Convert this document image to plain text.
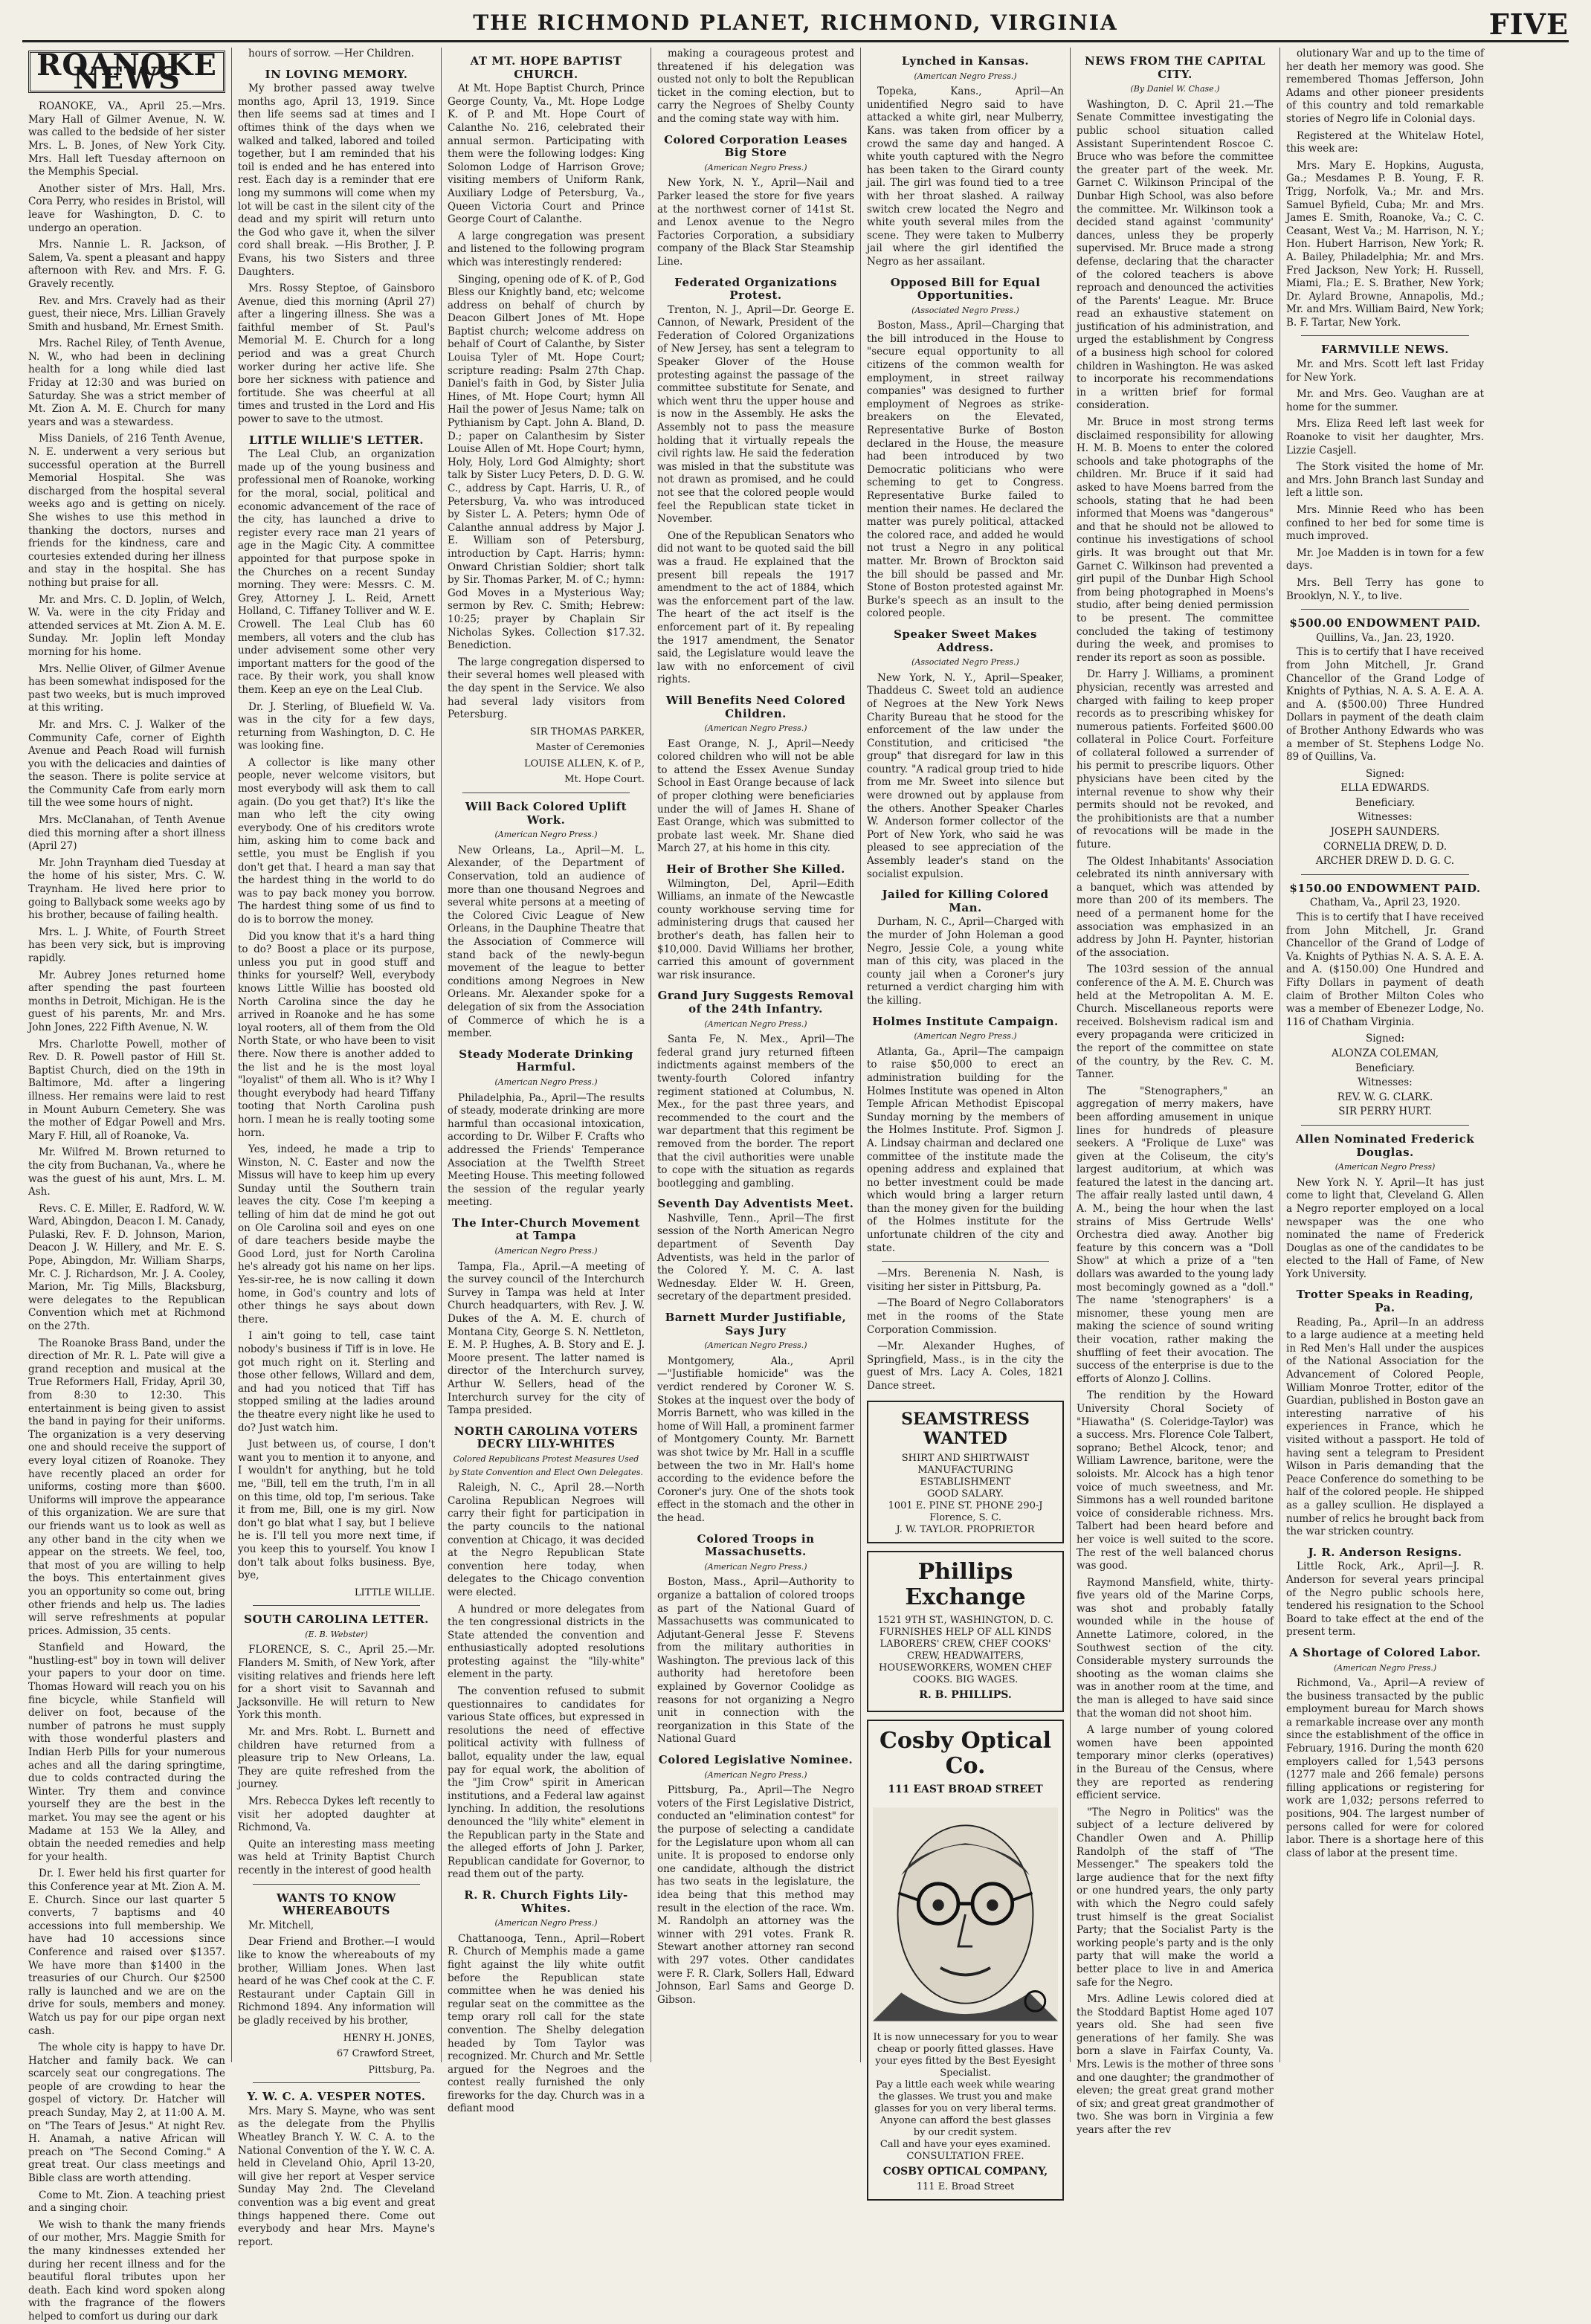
THE RICHMOND PLANET, RICHMOND, VIRGINIA	FIVE
ROANOKE NEWS

ROANOKE, VA., April 25.—Mrs. Mary Hall of Gilmer Avenue, N. W. was called to the bedside of her sister Mrs. L. B. Jones, of New York City. Mrs. Hall left Tuesday afternoon on the Memphis Special.

Another sister of Mrs. Hall, Mrs. Cora Perry, who resides in Bristol, will leave for Washington, D. C. to undergo an operation.

Mrs. Nannie L. R. Jackson, of Salem, Va. spent a pleasant and happy afternoon with Rev. and Mrs. F. G. Gravely recently.

Rev. and Mrs. Cravely had as their guest, their niece, Mrs. Lillian Gravely Smith and husband, Mr. Ernest Smith.

Mrs. Rachel Riley, of Tenth Avenue, N. W., who had been in declining health for a long while died last Friday at 12:30 and was buried on Saturday. She was a strict member of Mt. Zion A. M. E. Church for many years and was a stewardess.

Miss Daniels, of 216 Tenth Avenue, N. E. underwent a very serious but successful operation at the Burrell Memorial Hospital. She was discharged from the hospital several weeks ago and is getting on nicely. She wishes to use this method in thanking the doctors, nurses and friends for the kindness, care and courtesies extended during her illness and stay in the hospital. She has nothing but praise for all.

Mr. and Mrs. C. D. Joplin, of Welch, W. Va. were in the city Friday and attended services at Mt. Zion A. M. E. Sunday. Mr. Joplin left Monday morning for his home.

Mrs. Nellie Oliver, of Gilmer Avenue has been somewhat indisposed for the past two weeks, but is much improved at this writing.

Mr. and Mrs. C. J. Walker of the Community Cafe, corner of Eighth Avenue and Peach Road will furnish you with the delicacies and dainties of the season. There is polite service at the Community Cafe from early morn till the wee some hours of night.

Mrs. McClanahan, of Tenth Avenue died this morning after a short illness (April 27)

Mr. John Traynham died Tuesday at the home of his sister, Mrs. C. W. Traynham. He lived here prior to going to Ballyback some weeks ago by his brother, because of failing health.

Mrs. L. J. White, of Fourth Street has been very sick, but is improving rapidly.

Mr. Aubrey Jones returned home after spending the past fourteen months in Detroit, Michigan. He is the guest of his parents, Mr. and Mrs. John Jones, 222 Fifth Avenue, N. W.

Mrs. Charlotte Powell, mother of Rev. D. R. Powell pastor of Hill St. Baptist Church, died on the 19th in Baltimore, Md. after a lingering illness. Her remains were laid to rest in Mount Auburn Cemetery. She was the mother of Edgar Powell and Mrs. Mary F. Hill, all of Roanoke, Va.

Mr. Wilfred M. Brown returned to the city from Buchanan, Va., where he was the guest of his aunt, Mrs. L. M. Ash.

Revs. C. E. Miller, E. Radford, W. W. Ward, Abingdon, Deacon I. M. Canady, Pulaski, Rev. F. D. Johnson, Marion, Deacon J. W. Hillery, and Mr. E. S. Pope, Abingdon, Mr. William Sharps, Mr. C. J. Richardson, Mr. J. A. Cooley, Marion, Mr. Tig Mills, Blacksburg, were delegates to the Republican Convention which met at Richmond on the 27th.

The Roanoke Brass Band, under the direction of Mr. R. L. Pate will give a grand reception and musical at the True Reformers Hall, Friday, April 30, from 8:30 to 12:30. This entertainment is being given to assist the band in paying for their uniforms. The organization is a very deserving one and should receive the support of every loyal citizen of Roanoke. They have recently placed an order for uniforms, costing more than $600. Uniforms will improve the appearance of this organization. We are sure that our friends want us to look as well as any other band in the city when we appear on the streets. We feel, too, that most of you are willing to help the boys. This entertainment gives you an opportunity so come out, bring other friends and help us. The ladies will serve refreshments at popular prices. Admission, 35 cents.

Stanfield and Howard, the "hustling-est" boy in town will deliver your papers to your door on time. Thomas Howard will reach you on his fine bicycle, while Stanfield will deliver on foot, because of the number of patrons he must supply with those wonderful plasters and Indian Herb Pills for your numerous aches and all the daring springtime, due to colds contracted during the Winter. Try them and convince yourself they are the best in the market. You may see the agent or his Madame at 153 We la Alley, and obtain the needed remedies and help for your health.

Dr. I. Ewer held his first quarter for this Conference year at Mt. Zion A. M. E. Church. Since our last quarter 5 converts, 7 baptisms and 40 accessions into full membership. We have had 10 accessions since Conference and raised over $1357. We have more than $1400 in the treasuries of our Church. Our $2500 rally is launched and we are on the drive for souls, members and money. Watch us pay for our pipe organ next cash.

The whole city is happy to have Dr. Hatcher and family back. We can scarcely seat our congregations. The people of are crowding to hear the gospel of victory. Dr. Hatcher will preach Sunday, May 2, at 11:00 A. M. on "The Tears of Jesus." At night Rev. H. Anamah, a native African will preach on "The Second Coming." A great treat. Our class meetings and Bible class are worth attending.

Come to Mt. Zion. A teaching priest and a singing choir.

We wish to thank the many friends of our mother, Mrs. Maggie Smith for the many kindnesses extended her during her recent illness and for the beautiful floral tributes upon her death. Each kind word spoken along with the fragrance of the flowers helped to comfort us during our dark

hours of sorrow. —Her Children.

IN LOVING MEMORY.

My brother passed away twelve months ago, April 13, 1919. Since then life seems sad at times and I oftimes think of the days when we walked and talked, labored and toiled together, but I am reminded that his toil is ended and he has entered into rest. Each day is a reminder that ere long my summons will come when my lot will be cast in the silent city of the dead and my spirit will return unto the God who gave it, when the silver cord shall break. —His Brother, J. P. Evans, his two Sisters and three Daughters.

Mrs. Rossy Steptoe, of Gainsboro Avenue, died this morning (April 27) after a lingering illness. She was a faithful member of St. Paul's Memorial M. E. Church for a long period and was a great Church worker during her active life. She bore her sickness with patience and fortitude. She was cheerful at all times and trusted in the Lord and His power to save to the utmost.

LITTLE WILLIE'S LETTER.

The Leal Club, an organization made up of the young business and professional men of Roanoke, working for the moral, social, political and economic advancement of the race of the city, has launched a drive to register every race man 21 years of age in the Magic City. A committee appointed for that purpose spoke in the Churches on a recent Sunday morning. They were: Messrs. C. M. Grey, Attorney J. L. Reid, Arnett Holland, C. Tiffaney Tolliver and W. E. Crowell. The Leal Club has 60 members, all voters and the club has under advisement some other very important matters for the good of the race. By their work, you shall know them. Keep an eye on the Leal Club.

Dr. J. Sterling, of Bluefield W. Va. was in the city for a few days, returning from Washington, D. C. He was looking fine.

A collector is like many other people, never welcome visitors, but most everybody will ask them to call again. (Do you get that?) It's like the man who left the city owing everybody. One of his creditors wrote him, asking him to come back and settle, you must be English if you don't get that. I heard a man say that the hardest thing in the world to do was to pay back money you borrow. The hardest thing some of us find to do is to borrow the money.

Did you know that it's a hard thing to do? Boost a place or its purpose, unless you put in good stuff and thinks for yourself? Well, everybody knows Little Willie has boosted old North Carolina since the day he arrived in Roanoke and he has some loyal rooters, all of them from the Old North State, or who have been to visit there. Now there is another added to the list and he is the most loyal "loyalist" of them all. Who is it? Why I thought everybody had heard Tiffany tooting that North Carolina push horn. I mean he is really tooting some horn.

Yes, indeed, he made a trip to Winston, N. C. Easter and now the Missus will have to keep him up every Sunday until the Southern train leaves the city. Cose I'm keeping a telling of him dat de mind he got out on Ole Carolina soil and eyes on one of dare teachers beside maybe the Good Lord, just for North Carolina he's already got his name on her lips. Yes-sir-ree, he is now calling it down home, in God's country and lots of other things he says about down there.

I ain't going to tell, case taint nobody's business if Tiff is in love. He got much right on it. Sterling and those other fellows, Willard and dem, and had you noticed that Tiff has stopped smiling at the ladies around the theatre every night like he used to do? Just watch him.

Just between us, of course, I don't want you to mention it to anyone, and I wouldn't for anything, but he told me, "Bill, tell em the truth, I'm in all on this time, old top, I'm serious. Take it from me, Bill, one is my girl. Now don't go blat what I say, but I believe he is. I'll tell you more next time, if you keep this to yourself. You know I don't talk about folks business. Bye, bye,

LITTLE WILLIE.
SOUTH CAROLINA LETTER.
(E. B. Webster)

FLORENCE, S. C., April 25.—Mr. Flanders M. Smith, of New York, after visiting relatives and friends here left for a short visit to Savannah and Jacksonville. He will return to New York this month.

Mr. and Mrs. Robt. L. Burnett and children have returned from a pleasure trip to New Orleans, La. They are quite refreshed from the journey.

Mrs. Rebecca Dykes left recently to visit her adopted daughter at Richmond, Va.

Quite an interesting mass meeting was held at Trinity Baptist Church recently in the interest of good health

WANTS TO KNOW WHEREABOUTS

Mr. Mitchell,

Dear Friend and Brother.—I would like to know the whereabouts of my brother, William Jones. When last heard of he was Chef cook at the C. F. Restaurant under Captain Gill in Richmond 1894. Any information will be gladly received by his brother,

HENRY H. JONES,
67 Crawford Street,
Pittsburg, Pa.
Y. W. C. A. VESPER NOTES.

Mrs. Mary S. Mayne, who was sent as the delegate from the Phyllis Wheatley Branch Y. W. C. A. to the National Convention of the Y. W. C. A. held in Cleveland Ohio, April 13-20, will give her report at Vesper service Sunday May 2nd. The Cleveland convention was a big event and great things happened there. Come out everybody and hear Mrs. Mayne's report.

AT MT. HOPE BAPTIST CHURCH.

At Mt. Hope Baptist Church, Prince George County, Va., Mt. Hope Lodge K. of P. and Mt. Hope Court of Calanthe No. 216, celebrated their annual sermon. Participating with them were the following lodges: King Solomon Lodge of Harrison Grove; visiting members of Uniform Rank, Auxiliary Lodge of Petersburg, Va., Queen Victoria Court and Prince George Court of Calanthe.

A large congregation was present and listened to the following program which was interestingly rendered:

Singing, opening ode of K. of P., God Bless our Knightly band, etc; welcome address on behalf of church by Deacon Gilbert Jones of Mt. Hope Baptist church; welcome address on behalf of Court of Calanthe, by Sister Louisa Tyler of Mt. Hope Court; scripture reading: Psalm 27th Chap. Daniel's faith in God, by Sister Julia Hines, of Mt. Hope Court; hymn All Hail the power of Jesus Name; talk on Pythianism by Capt. John A. Bland, D. D.; paper on Calanthesim by Sister Louise Allen of Mt. Hope Court; hymn, Holy, Holy, Lord God Almighty; short talk by Sister Lucy Peters, D. D. G. W. C., address by Capt. Harris, U. R., of Petersburg, Va. who was introduced by Sister L. A. Peters; hymn Ode of Calanthe annual address by Major J. E. William son of Petersburg, introduction by Capt. Harris; hymn: Onward Christian Soldier; short talk by Sir. Thomas Parker, M. of C.; hymn: God Moves in a Mysterious Way; sermon by Rev. C. Smith; Hebrew: 10:25; prayer by Chaplain Sir Nicholas Sykes. Collection $17.32. Benediction.

The large congregation dispersed to their several homes well pleased with the day spent in the Service. We also had several lady visitors from Petersburg.

SIR THOMAS PARKER,
Master of Ceremonies
LOUISE ALLEN, K. of P.,
Mt. Hope Court.
Will Back Colored Uplift Work.
(American Negro Press.)

New Orleans, La., April—M. L. Alexander, of the Department of Conservation, told an audience of more than one thousand Negroes and several white persons at a meeting of the Colored Civic League of New Orleans, in the Dauphine Theatre that the Association of Commerce will stand back of the newly-begun movement of the league to better conditions among Negroes in New Orleans. Mr. Alexander spoke for a delegation of six from the Association of Commerce of which he is a member.

Steady Moderate Drinking Harmful.
(American Negro Press.)

Philadelphia, Pa., April—The results of steady, moderate drinking are more harmful than occasional intoxication, according to Dr. Wilber F. Crafts who addressed the Friends' Temperance Association at the Twelfth Street Meeting House. This meeting followed the session of the regular yearly meeting.

The Inter-Church Movement at Tampa
(American Negro Press.)

Tampa, Fla., April.—A meeting of the survey council of the Interchurch Survey in Tampa was held at Inter Church headquarters, with Rev. J. W. Dukes of the A. M. E. church of Montana City, George S. N. Nettleton, E. M. P. Hughes, A. B. Story and E. J. Moore present. The latter named is director of the Interchurch survey, Arthur W. Sellers, head of the Interchurch survey for the city of Tampa presided.

NORTH CAROLINA VOTERS DECRY LILY-WHITES
Colored Republicans Protest Measures Used by State Convention and Elect Own Delegates.

Raleigh, N. C., April 28.—North Carolina Republican Negroes will carry their fight for participation in the party councils to the national convention at Chicago, it was decided at the Negro Republican State convention here today, when delegates to the Chicago convention were elected.

A hundred or more delegates from the ten congressional districts in the State attended the convention and enthusiastically adopted resolutions protesting against the "lily-white" element in the party.

The convention refused to submit questionnaires to candidates for various State offices, but expressed in resolutions the need of effective political activity with fullness of ballot, equality under the law, equal pay for equal work, the abolition of the "Jim Crow" spirit in American institutions, and a Federal law against lynching. In addition, the resolutions denounced the "lily white" element in the Republican party in the State and the alleged efforts of John J. Parker, Republican candidate for Governor, to read them out of the party.

R. R. Church Fights Lily-Whites.
(American Negro Press.)

Chattanooga, Tenn., April—Robert R. Church of Memphis made a game fight against the lily white outfit before the Republican state committee when he was denied his regular seat on the committee as the temp orary roll call for the state convention. The Shelby delegation headed by Tom Taylor was recognized. Mr. Church and Mr. Settle argued for the Negroes and the contest really furnished the only fireworks for the day. Church was in a defiant mood

making a courageous protest and threatened if his delegation was ousted not only to bolt the Republican ticket in the coming election, but to carry the Negroes of Shelby County and the coming state way with him.

Colored Corporation Leases Big Store
(American Negro Press.)

New York, N. Y., April—Nail and Parker leased the store for five years at the northwest corner of 141st St. and Lenox avenue to the Negro Factories Corporation, a subsidiary company of the Black Star Steamship Line.

Federated Organizations Protest.

Trenton, N. J., April—Dr. George E. Cannon, of Newark, President of the Federation of Colored Organizations of New Jersey, has sent a telegram to Speaker Glover of the House protesting against the passage of the committee substitute for Senate, and which went thru the upper house and is now in the Assembly. He asks the Assembly not to pass the measure holding that it virtually repeals the civil rights law. He said the federation was misled in that the substitute was not drawn as promised, and he could not see that the colored people would feel the Republican state ticket in November.

One of the Republican Senators who did not want to be quoted said the bill was a fraud. He explained that the present bill repeals the 1917 amendment to the act of 1884, which was the enforcement part of the law. The heart of the act itself is the enforcement part of it. By repealing the 1917 amendment, the Senator said, the Legislature would leave the law with no enforcement of civil rights.

Will Benefits Need Colored Children.
(American Negro Press.)

East Orange, N. J., April—Needy colored children who will not be able to attend the Essex Avenue Sunday School in East Orange because of lack of proper clothing were beneficiaries under the will of James H. Shane of East Orange, which was submitted to probate last week. Mr. Shane died March 27, at his home in this city.

Heir of Brother She Killed.

Wilmington, Del, April—Edith Williams, an inmate of the Newcastle county workhouse serving time for administering drugs that caused her brother's death, has fallen heir to $10,000. David Williams her brother, carried this amount of government war risk insurance.

Grand Jury Suggests Removal of the 24th Infantry.
(American Negro Press.)

Santa Fe, N. Mex., April—The federal grand jury returned fifteen indictments against members of the twenty-fourth Colored infantry regiment stationed at Columbus, N. Mex., for the past three years, and recommended to the court and the war department that this regiment be removed from the border. The report that the civil authorities were unable to cope with the situation as regards bootlegging and gambling.

Seventh Day Adventists Meet.

Nashville, Tenn., April—The first session of the North American Negro department of Seventh Day Adventists, was held in the parlor of the Colored Y. M. C. A. last Wednesday. Elder W. H. Green, secretary of the department presided.

Barnett Murder Justifiable, Says Jury
(American Negro Press.)

Montgomery, Ala., April—"Justifiable homicide" was the verdict rendered by Coroner W. S. Stokes at the inquest over the body of Morris Barnett, who was killed in the home of Will Hall, a prominent farmer of Montgomery County. Mr. Barnett was shot twice by Mr. Hall in a scuffle between the two in Mr. Hall's home according to the evidence before the Coroner's jury. One of the shots took effect in the stomach and the other in the head.

Colored Troops in Massachusetts.
(American Negro Press.)

Boston, Mass., April—Authority to organize a battalion of colored troops as part of the National Guard of Massachusetts was communicated to Adjutant-General Jesse F. Stevens from the military authorities in Washington. The previous lack of this authority had heretofore been explained by Governor Coolidge as reasons for not organizing a Negro unit in connection with the reorganization in this State of the National Guard

Colored Legislative Nominee.
(American Negro Press.)

Pittsburg, Pa., April—The Negro voters of the First Legislative District, conducted an "elimination contest" for the purpose of selecting a candidate for the Legislature upon whom all can unite. It is proposed to endorse only one candidate, although the district has two seats in the legislature, the idea being that this method may result in the election of the race. Wm. M. Randolph an attorney was the winner with 291 votes. Frank R. Stewart another attorney ran second with 297 votes. Other candidates were F. R. Clark, Sollers Hall, Edward Johnson, Earl Sams and George D. Gibson.

Lynched in Kansas.
(American Negro Press.)

Topeka, Kans., April—An unidentified Negro said to have attacked a white girl, near Mulberry, Kans. was taken from officer by a crowd the same day and hanged. A white youth captured with the Negro has been taken to the Girard county jail. The girl was found tied to a tree with her throat slashed. A railway switch crew located the Negro and white youth several miles from the scene. They were taken to Mulberry jail where the girl identified the Negro as her assailant.

Opposed Bill for Equal Opportunities.
(Associated Negro Press.)

Boston, Mass., April—Charging that the bill introduced in the House to "secure equal opportunity to all citizens of the common wealth for employment, in street railway companies" was designed to further employment of Negroes as strike-breakers on the Elevated, Representative Burke of Boston declared in the House, the measure had been introduced by two Democratic politicians who were scheming to get to Congress. Representative Burke failed to mention their names. He declared the matter was purely political, attacked the colored race, and added he would not trust a Negro in any political matter. Mr. Brown of Brockton said the bill should be passed and Mr. Stone of Boston protested against Mr. Burke's speech as an insult to the colored people.

Speaker Sweet Makes Address.
(Associated Negro Press.)

New York, N. Y., April—Speaker, Thaddeus C. Sweet told an audience of Negroes at the New York News Charity Bureau that he stood for the enforcement of the law under the Constitution, and criticised "the group" that disregard for law in this country. "A radical group tried to hide from me Mr. Sweet into silence but were drowned out by applause from the others. Another Speaker Charles W. Anderson former collector of the Port of New York, who said he was pleased to see appreciation of the Assembly leader's stand on the socialist expulsion.

Jailed for Killing Colored Man.

Durham, N. C., April—Charged with the murder of John Holeman a good Negro, Jessie Cole, a young white man of this city, was placed in the county jail when a Coroner's jury returned a verdict charging him with the killing.

Holmes Institute Campaign.
(American Negro Press.)

Atlanta, Ga., April—The campaign to raise $50,000 to erect an administration building for the Holmes Institute was opened in Alton Temple African Methodist Episcopal Sunday morning by the members of the Holmes Institute. Prof. Sigmon J. A. Lindsay chairman and declared one committee of the institute made the opening address and explained that no better investment could be made which would bring a larger return than the money given for the building of the Holmes institute for the unfortunate children of the city and state.

—Mrs. Berenenia N. Nash, is visiting her sister in Pittsburg, Pa.

—The Board of Negro Collaborators met in the rooms of the State Corporation Commission.

—Mr. Alexander Hughes, of Springfield, Mass., is in the city the guest of Mrs. Lacy A. Coles, 1821 Dance street.

SEAMSTRESS WANTED
SHIRT AND SHIRTWAIST MANUFACTURING ESTABLISHMENT
GOOD SALARY.
1001 E. PINE ST. PHONE 290-J
Florence, S. C.
J. W. TAYLOR. PROPRIETOR
Phillips Exchange
1521 9TH ST., WASHINGTON, D. C.
FURNISHES HELP OF ALL KINDS
LABORERS' CREW, CHEF COOKS'
CREW, HEADWAITERS,
HOUSEWORKERS, WOMEN CHEF
COOKS. BIG WAGES.
R. B. PHILLIPS.
Cosby Optical Co.
111 EAST BROAD STREET
It is now unnecessary for you to wear cheap or poorly fitted glasses. Have your eyes fitted by the Best Eyesight Specialist.
Pay a little each week while wearing the glasses. We trust you and make glasses for you on very liberal terms.
Anyone can afford the best glasses by our credit system.
Call and have your eyes examined. CONSULTATION FREE.
COSBY OPTICAL COMPANY,
111 E. Broad Street
NEWS FROM THE CAPITAL CITY.
(By Daniel W. Chase.)

Washington, D. C. April 21.—The Senate Committee investigating the public school situation called Assistant Superintendent Roscoe C. Bruce who was before the committee the greater part of the week. Mr. Garnet C. Wilkinson Principal of the Dunbar High School, was also before the committee. Mr. Wilkinson took a decided stand against 'community' dances, unless they be properly supervised. Mr. Bruce made a strong defense, declaring that the character of the colored teachers is above reproach and denounced the activities of the Parents' League. Mr. Bruce read an exhaustive statement on justification of his administration, and urged the establishment by Congress of a business high school for colored children in Washington. He was asked to incorporate his recommendations in a written brief for formal consideration.

Mr. Bruce in most strong terms disclaimed responsibility for allowing H. M. B. Moens to enter the colored schools and take photographs of the children. Mr. Bruce if it said had asked to have Moens barred from the schools, stating that he had been informed that Moens was "dangerous" and that he should not be allowed to continue his investigations of school girls. It was brought out that Mr. Garnet C. Wilkinson had prevented a girl pupil of the Dunbar High School from being photographed in Moens's studio, after being denied permission to be present. The committee concluded the taking of testimony during the week, and promises to render its report as soon as possible.

Dr. Harry J. Williams, a prominent physician, recently was arrested and charged with failing to keep proper records as to prescribing whiskey for numerous patients. Forfeited $600.00 collateral in Police Court. Forfeiture of collateral followed a surrender of his permit to prescribe liquors. Other physicians have been cited by the internal revenue to show why their permits should not be revoked, and the prohibitionists are that a number of revocations will be made in the future.

The Oldest Inhabitants' Association celebrated its ninth anniversary with a banquet, which was attended by more than 200 of its members. The need of a permanent home for the association was emphasized in an address by John H. Paynter, historian of the association.

The 103rd session of the annual conference of the A. M. E. Church was held at the Metropolitan A. M. E. Church. Miscellaneous reports were received. Bolshevism radical ism and every propaganda were criticized in the report of the committee on state of the country, by the Rev. C. M. Tanner.

The "Stenographers," an aggregation of merry makers, have been affording amusement in unique lines for hundreds of pleasure seekers. A "Frolique de Luxe" was given at the Coliseum, the city's largest auditorium, at which was featured the latest in the dancing art. The affair really lasted until dawn, 4 A. M., being the hour when the last strains of Miss Gertrude Wells' Orchestra died away. Another big feature by this concern was a "Doll Show" at which a prize of a "ten dollars was awarded to the young lady most becomingly gowned as a "doll." The name 'stenographers' is a misnomer, these young men are making the science of sound writing their vocation, rather making the shuffling of feet their avocation. The success of the enterprise is due to the efforts of Alonzo J. Collins.

The rendition by the Howard University Choral Society of "Hiawatha" (S. Coleridge-Taylor) was a success. Mrs. Florence Cole Talbert, soprano; Bethel Alcock, tenor; and William Lawrence, baritone, were the soloists. Mr. Alcock has a high tenor voice of much sweetness, and Mr. Simmons has a well rounded baritone voice of considerable richness. Mrs. Talbert had been heard before and her voice is well suited to the score. The rest of the well balanced chorus was good.

Raymond Mansfield, white, thirty-five years old of the Marine Corps, was shot and probably fatally wounded while in the house of Annette Latimore, colored, in the Southwest section of the city. Considerable mystery surrounds the shooting as the woman claims she was in another room at the time, and the man is alleged to have said since that the woman did not shoot him.

A large number of young colored women have been appointed temporary minor clerks (operatives) in the Bureau of the Census, where they are reported as rendering efficient service.

"The Negro in Politics" was the subject of a lecture delivered by Chandler Owen and A. Phillip Randolph of the staff of "The Messenger." The speakers told the large audience that for the next fifty or one hundred years, the only party with which the Negro could safely trust himself is the great Socialist Party; that the Socialist Party is the working people's party and is the only party that will make the world a better place to live in and America safe for the Negro.

Mrs. Adline Lewis colored died at the Stoddard Baptist Home aged 107 years old. She had seen five generations of her family. She was born a slave in Fairfax County, Va. Mrs. Lewis is the mother of three sons and one daughter; the grandmother of eleven; the great great grand mother of six; and great great grandmother of two. She was born in Virginia a few years after the rev

olutionary War and up to the time of her death her memory was good. She remembered Thomas Jefferson, John Adams and other pioneer presidents of this country and told remarkable stories of Negro life in Colonial days.

Registered at the Whitelaw Hotel, this week are:

Mrs. Mary E. Hopkins, Augusta, Ga.; Mesdames P. B. Young, F. R. Trigg, Norfolk, Va.; Mr. and Mrs. Samuel Byfield, Cuba; Mr. and Mrs. James E. Smith, Roanoke, Va.; C. C. Ceasant, West Va.; M. Harrison, N. Y.; Hon. Hubert Harrison, New York; R. A. Bailey, Philadelphia; Mr. and Mrs. Fred Jackson, New York; H. Russell, Miami, Fla.; E. S. Brather, New York; Dr. Aylard Browne, Annapolis, Md.; Mr. and Mrs. William Baird, New York; B. F. Tartar, New York.

FARMVILLE NEWS.

Mr. and Mrs. Scott left last Friday for New York.

Mr. and Mrs. Geo. Vaughan are at home for the summer.

Mrs. Eliza Reed left last week for Roanoke to visit her daughter, Mrs. Lizzie Casjell.

The Stork visited the home of Mr. and Mrs. John Branch last Sunday and left a little son.

Mrs. Minnie Reed who has been confined to her bed for some time is much improved.

Mr. Joe Madden is in town for a few days.

Mrs. Bell Terry has gone to Brooklyn, N. Y., to live.

$500.00 ENDOWMENT PAID.
Quillins, Va., Jan. 23, 1920.

This is to certify that I have received from John Mitchell, Jr. Grand Chancellor of the Grand Lodge of Knights of Pythias, N. A. S. A. E. A. A. and A. ($500.00) Three Hundred Dollars in payment of the death claim of Brother Anthony Edwards who was a member of St. Stephens Lodge No. 89 of Quillins, Va.

Signed:
ELLA EDWARDS.
Beneficiary.
Witnesses:
JOSEPH SAUNDERS.
CORNELIA DREW, D. D.
ARCHER DREW D. D. G. C.
$150.00 ENDOWMENT PAID.
Chatham, Va., April 23, 1920.

This is to certify that I have received from John Mitchell, Jr. Grand Chancellor of the Grand of Lodge of Va. Knights of Pythias N. A. S. A. E. A. and A. ($150.00) One Hundred and Fifty Dollars in payment of death claim of Brother Milton Coles who was a member of Ebenezer Lodge, No. 116 of Chatham Virginia.

Signed:
ALONZA COLEMAN,
Beneficiary.
Witnesses:
REV. W. G. CLARK.
SIR PERRY HURT.
Allen Nominated Frederick Douglas.
(American Negro Press)

New York N. Y. April—It has just come to light that, Cleveland G. Allen a Negro reporter employed on a local newspaper was the one who nominated the name of Frederick Douglas as one of the candidates to be elected to the Hall of Fame, of New York University.

Trotter Speaks in Reading, Pa.

Reading, Pa., April—In an address to a large audience at a meeting held in Red Men's Hall under the auspices of the National Association for the Advancement of Colored People, William Monroe Trotter, editor of the Guardian, published in Boston gave an interesting narrative of his experiences in France, which he visited without a passport. He told of having sent a telegram to President Wilson in Paris demanding that the Peace Conference do something to be half of the colored people. He shipped as a galley scullion. He displayed a number of relics he brought back from the war stricken country.

J. R. Anderson Resigns.

Little Rock, Ark., April—J. R. Anderson for several years principal of the Negro public schools here, tendered his resignation to the School Board to take effect at the end of the present term.

A Shortage of Colored Labor.
(American Negro Press.)

Richmond, Va., April—A review of the business transacted by the public employment bureau for March shows a remarkable increase over any month since the establishment of the office in February, 1916. During the month 620 employers called for 1,543 persons (1277 male and 266 female) persons filling applications or registering for work are 1,032; persons referred to positions, 904. The largest number of persons called for were for colored labor. There is a shortage here of this class of labor at the present time.
